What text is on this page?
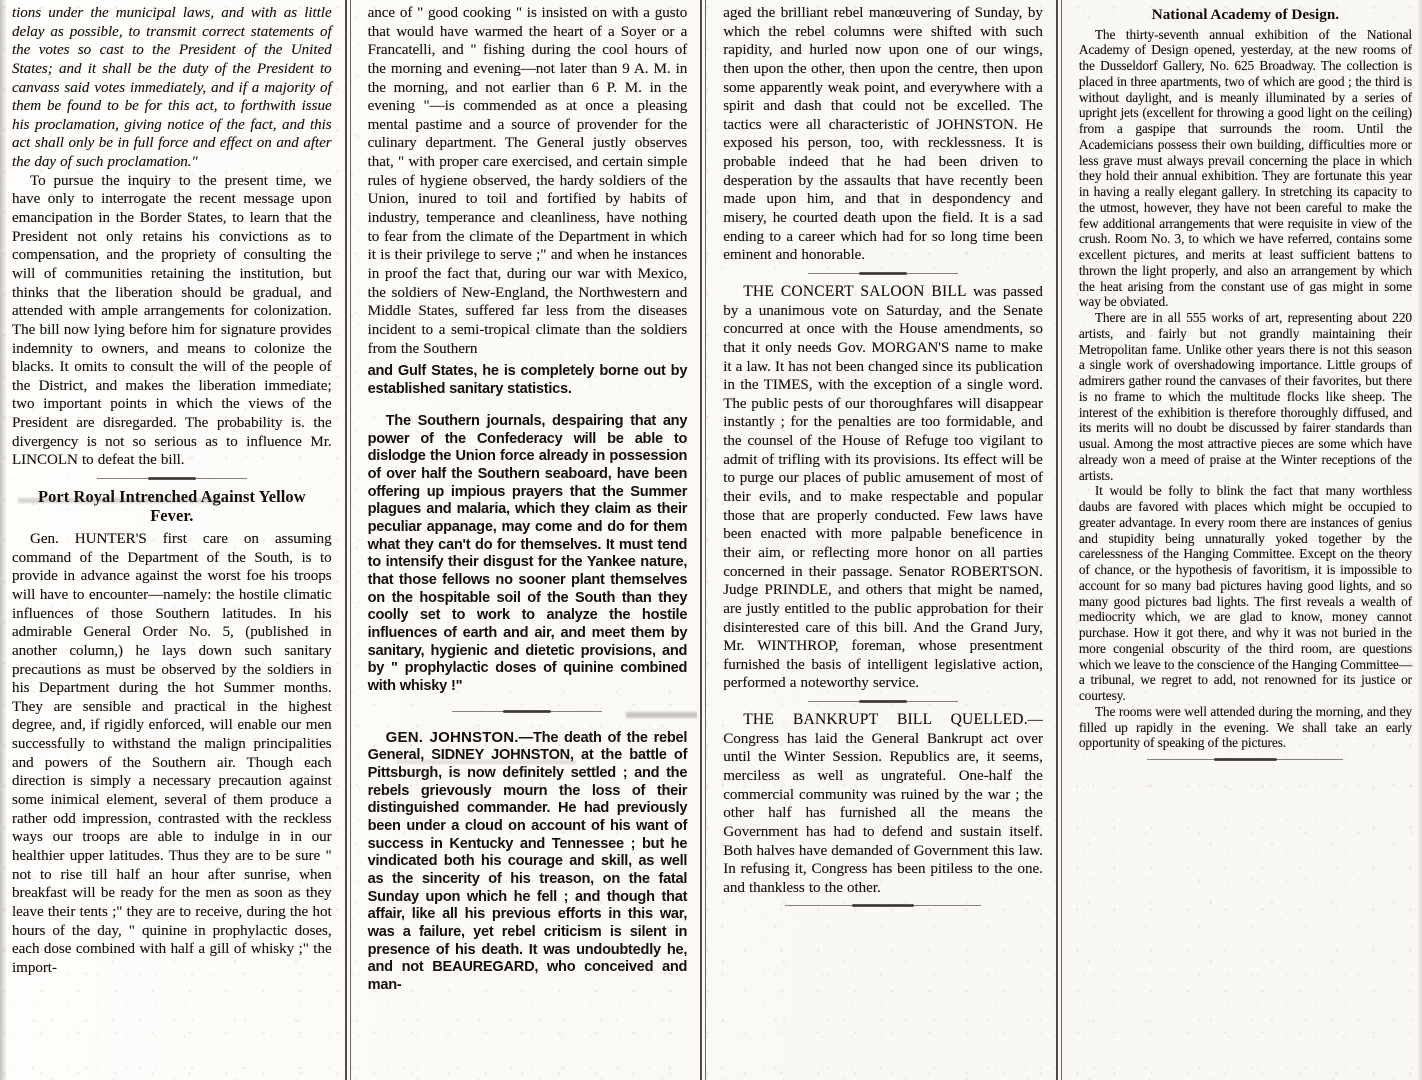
tions under the municipal laws, and with as little delay as possible, to transmit correct statements of the votes so cast to the President of the United States; and it shall be the duty of the President to canvass said votes immediately, and if a majority of them be found to be for this act, to forthwith issue his proclamation, giving notice of the fact, and this act shall only be in full force and effect on and after the day of such proclamation."

To pursue the inquiry to the present time, we have only to interrogate the recent message upon emancipation in the Border States, to learn that the President not only retains his convictions as to compensation, and the propriety of consulting the will of communities retaining the institution, but thinks that the liberation should be gradual, and attended with ample arrangements for colonization. The bill now lying before him for signature provides indemnity to owners, and means to colonize the blacks. It omits to consult the will of the people of the District, and makes the liberation immediate; two important points in which the views of the President are disregarded. The probability is. the divergency is not so serious as to influence Mr. LINCOLN to defeat the bill.

Port Royal Intrenched Against Yellow
Fever.

Gen. HUNTER'S first care on assuming command of the Department of the South, is to provide in advance against the worst foe his troops will have to encounter—namely: the hostile climatic influences of those Southern latitudes. In his admirable General Order No. 5, (published in another column,) he lays down such sanitary precautions as must be observed by the soldiers in his Department during the hot Summer months. They are sensible and practical in the highest degree, and, if rigidly enforced, will enable our men successfully to withstand the malign principalities and powers of the Southern air. Though each direction is simply a necessary precaution against some inimical element, several of them produce a rather odd impression, contrasted with the reckless ways our troops are able to indulge in in our healthier upper latitudes. Thus they are to be sure " not to rise till half an hour after sunrise, when breakfast will be ready for the men as soon as they leave their tents ;" they are to receive, during the hot hours of the day, " quinine in prophylactic doses, each dose combined with half a gill of whisky ;" the import-

ance of " good cooking " is insisted on with a gusto that would have warmed the heart of a Soyer or a Francatelli, and " fishing during the cool hours of the morning and evening—not later than 9 A. M. in the morning, and not earlier than 6 P. M. in the evening "—is commended as at once a pleasing mental pastime and a source of provender for the culinary department. The General justly observes that, " with proper care exercised, and certain simple rules of hygiene observed, the hardy soldiers of the Union, inured to toil and fortified by habits of industry, temperance and cleanliness, have nothing to fear from the climate of the Department in which it is their privilege to serve ;" and when he instances in proof the fact that, during our war with Mexico, the soldiers of New-England, the Northwestern and Middle States, suffered far less from the diseases incident to a semi-tropical climate than the soldiers from the Southern

and Gulf States, he is completely borne out by established sanitary statistics.

The Southern journals, despairing that any power of the Confederacy will be able to dislodge the Union force already in possession of over half the Southern seaboard, have been offering up impious prayers that the Summer plagues and malaria, which they claim as their peculiar appanage, may come and do for them what they can't do for themselves. It must tend to intensify their disgust for the Yankee nature, that those fellows no sooner plant themselves on the hospitable soil of the South than they coolly set to work to analyze the hostile influences of earth and air, and meet them by sanitary, hygienic and dietetic provisions, and by " prophylactic doses of quinine combined with whisky !"

GEN. JOHNSTON.—The death of the rebel General, SIDNEY JOHNSTON, at the battle of Pittsburgh, is now definitely settled ; and the rebels grievously mourn the loss of their distinguished commander. He had previously been under a cloud on account of his want of success in Kentucky and Tennessee ; but he vindicated both his courage and skill, as well as the sincerity of his treason, on the fatal Sunday upon which he fell ; and though that affair, like all his previous efforts in this war, was a failure, yet rebel criticism is silent in presence of his death. It was undoubtedly he, and not BEAUREGARD, who conceived and man-

aged the brilliant rebel manœuvering of Sunday, by which the rebel columns were shifted with such rapidity, and hurled now upon one of our wings, then upon the other, then upon the centre, then upon some apparently weak point, and everywhere with a spirit and dash that could not be excelled. The tactics were all characteristic of JOHNSTON. He exposed his person, too, with recklessness. It is probable indeed that he had been driven to desperation by the assaults that have recently been made upon him, and that in despondency and misery, he courted death upon the field. It is a sad ending to a career which had for so long time been eminent and honorable.

THE CONCERT SALOON BILL was passed by a unanimous vote on Saturday, and the Senate concurred at once with the House amendments, so that it only needs Gov. MORGAN'S name to make it a law. It has not been changed since its publication in the TIMES, with the exception of a single word. The public pests of our thoroughfares will disappear instantly ; for the penalties are too formidable, and the counsel of the House of Refuge too vigilant to admit of trifling with its provisions. Its effect will be to purge our places of public amusement of most of their evils, and to make respectable and popular those that are properly conducted. Few laws have been enacted with more palpable beneficence in their aim, or reflecting more honor on all parties concerned in their passage. Senator ROBERTSON. Judge PRINDLE, and others that might be named, are justly entitled to the public approbation for their disinterested care of this bill. And the Grand Jury, Mr. WINTHROP, foreman, whose presentment furnished the basis of intelligent legislative action, performed a noteworthy service.

THE BANKRUPT BILL QUELLED.—Congress has laid the General Bankrupt act over until the Winter Session. Republics are, it seems, merciless as well as ungrateful. One-half the commercial community was ruined by the war ; the other half has furnished all the means the Government has had to defend and sustain itself. Both halves have demanded of Government this law. In refusing it, Congress has been pitiless to the one. and thankless to the other.

National Academy of Design.

The thirty-seventh annual exhibition of the National Academy of Design opened, yesterday, at the new rooms of the Dusseldorf Gallery, No. 625 Broadway. The collection is placed in three apartments, two of which are good ; the third is without daylight, and is meanly illuminated by a series of upright jets (excellent for throwing a good light on the ceiling) from a gaspipe that surrounds the room. Until the Academicians possess their own building, difficulties more or less grave must always prevail concerning the place in which they hold their annual exhibition. They are fortunate this year in having a really elegant gallery. In stretching its capacity to the utmost, however, they have not been careful to make the few additional arrangements that were requisite in view of the crush. Room No. 3, to which we have referred, contains some excellent pictures, and merits at least sufficient battens to thrown the light properly, and also an arrangement by which the heat arising from the constant use of gas might in some way be obviated.

There are in all 555 works of art, representing about 220 artists, and fairly but not grandly maintaining their Metropolitan fame. Unlike other years there is not this season a single work of overshadowing importance. Little groups of admirers gather round the canvases of their favorites, but there is no frame to which the multitude flocks like sheep. The interest of the exhibition is therefore thoroughly diffused, and its merits will no doubt be discussed by fairer standards than usual. Among the most attractive pieces are some which have already won a meed of praise at the Winter receptions of the artists.

It would be folly to blink the fact that many worthless daubs are favored with places which might be occupied to greater advantage. In every room there are instances of genius and stupidity being unnaturally yoked together by the carelessness of the Hanging Committee. Except on the theory of chance, or the hypothesis of favoritism, it is impossible to account for so many bad pictures having good lights, and so many good pictures bad lights. The first reveals a wealth of mediocrity which, we are glad to know, money cannot purchase. How it got there, and why it was not buried in the more congenial obscurity of the third room, are questions which we leave to the conscience of the Hanging Committee—a tribunal, we regret to add, not renowned for its justice or courtesy.

The rooms were well attended during the morning, and they filled up rapidly in the evening. We shall take an early opportunity of speaking of the pictures.
